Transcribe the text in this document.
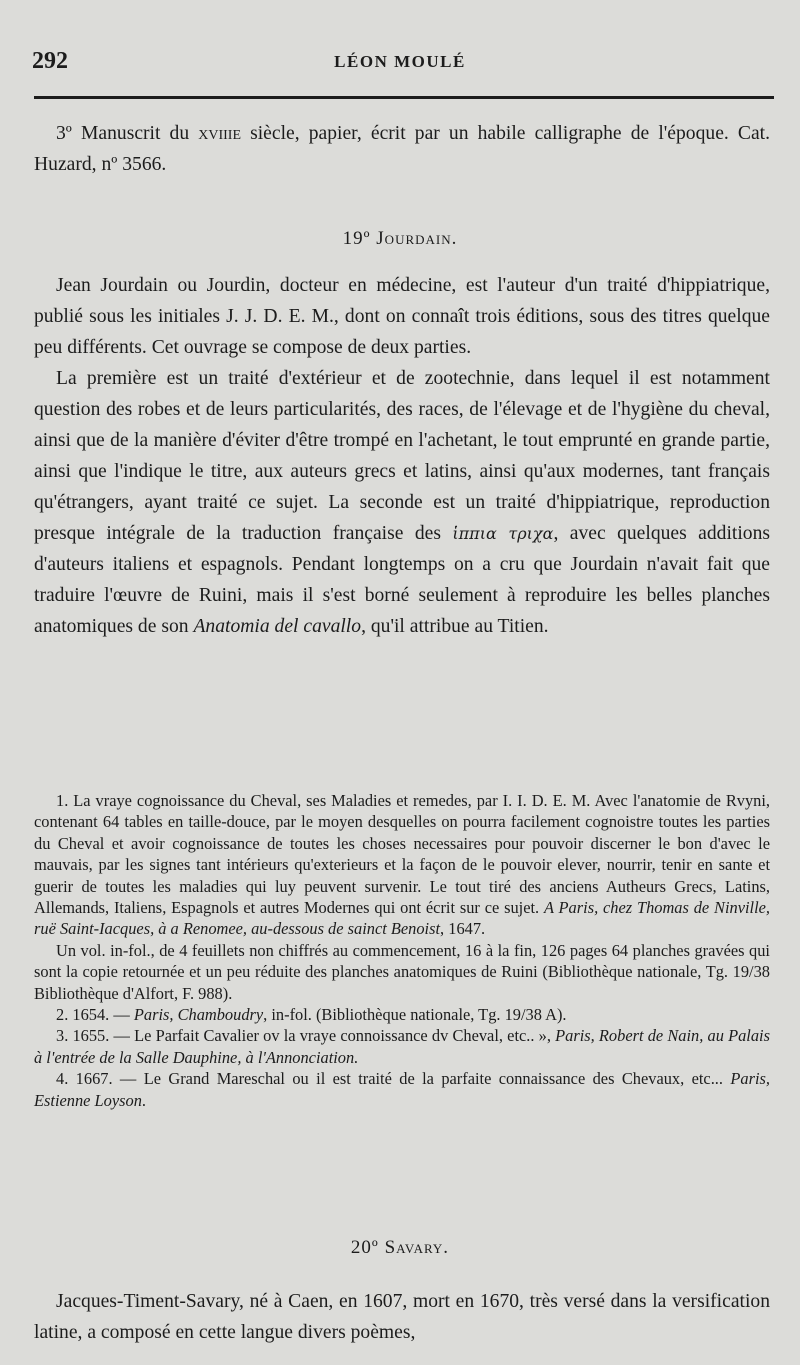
292	LÉON MOULÉ

3º Manuscrit du xviiie siècle, papier, écrit par un habile calligraphe de l'époque. Cat. Huzard, nº 3566.

19º Jourdain.

Jean Jourdain ou Jourdin, docteur en médecine, est l'auteur d'un traité d'hippiatrique, publié sous les initiales J. J. D. E. M., dont on connaît trois éditions, sous des titres quelque peu différents. Cet ouvrage se compose de deux parties.

La première est un traité d'extérieur et de zootechnie, dans lequel il est notamment question des robes et de leurs particularités, des races, de l'élevage et de l'hygiène du cheval, ainsi que de la manière d'éviter d'être trompé en l'achetant, le tout emprunté en grande partie, ainsi que l'indique le titre, aux auteurs grecs et latins, ainsi qu'aux modernes, tant français qu'étrangers, ayant traité ce sujet. La seconde est un traité d'hippiatrique, reproduction presque intégrale de la traduction française des ἱππια τριχα, avec quelques additions d'auteurs italiens et espagnols. Pendant longtemps on a cru que Jourdain n'avait fait que traduire l'œuvre de Ruini, mais il s'est borné seulement à reproduire les belles planches anatomiques de son Anatomia del cavallo, qu'il attribue au Titien.

1. La vraye cognoissance du Cheval, ses Maladies et remedes, par I. I. D. E. M. Avec l'anatomie de Rvyni, contenant 64 tables en taille-douce, par le moyen desquelles on pourra facilement cognoistre toutes les parties du Cheval et avoir cognoissance de toutes les choses necessaires pour pouvoir discerner le bon d'avec le mauvais, par les signes tant intérieurs qu'exterieurs et la façon de le pouvoir elever, nourrir, tenir en sante et guerir de toutes les maladies qui luy peuvent survenir. Le tout tiré des anciens Autheurs Grecs, Latins, Allemands, Italiens, Espagnols et autres Modernes qui ont écrit sur ce sujet. A Paris, chez Thomas de Ninville, ruë Saint-Iacques, à a Renomee, au-dessous de sainct Benoist, 1647.

Un vol. in-fol., de 4 feuillets non chiffrés au commencement, 16 à la fin, 126 pages 64 planches gravées qui sont la copie retournée et un peu réduite des planches anatomiques de Ruini (Bibliothèque nationale, Tg. 19/38 Bibliothèque d'Alfort, F. 988).

2. 1654. — Paris, Chamboudry, in-fol. (Bibliothèque nationale, Tg. 19/38 A).

3. 1655. — Le Parfait Cavalier ov la vraye connoissance dv Cheval, etc.. », Paris, Robert de Nain, au Palais à l'entrée de la Salle Dauphine, à l'Annonciation.

4. 1667. — Le Grand Mareschal ou il est traité de la parfaite connaissance des Chevaux, etc... Paris, Estienne Loyson.

20º Savary.

Jacques-Timent-Savary, né à Caen, en 1607, mort en 1670, très versé dans la versification latine, a composé en cette langue divers poèmes,
